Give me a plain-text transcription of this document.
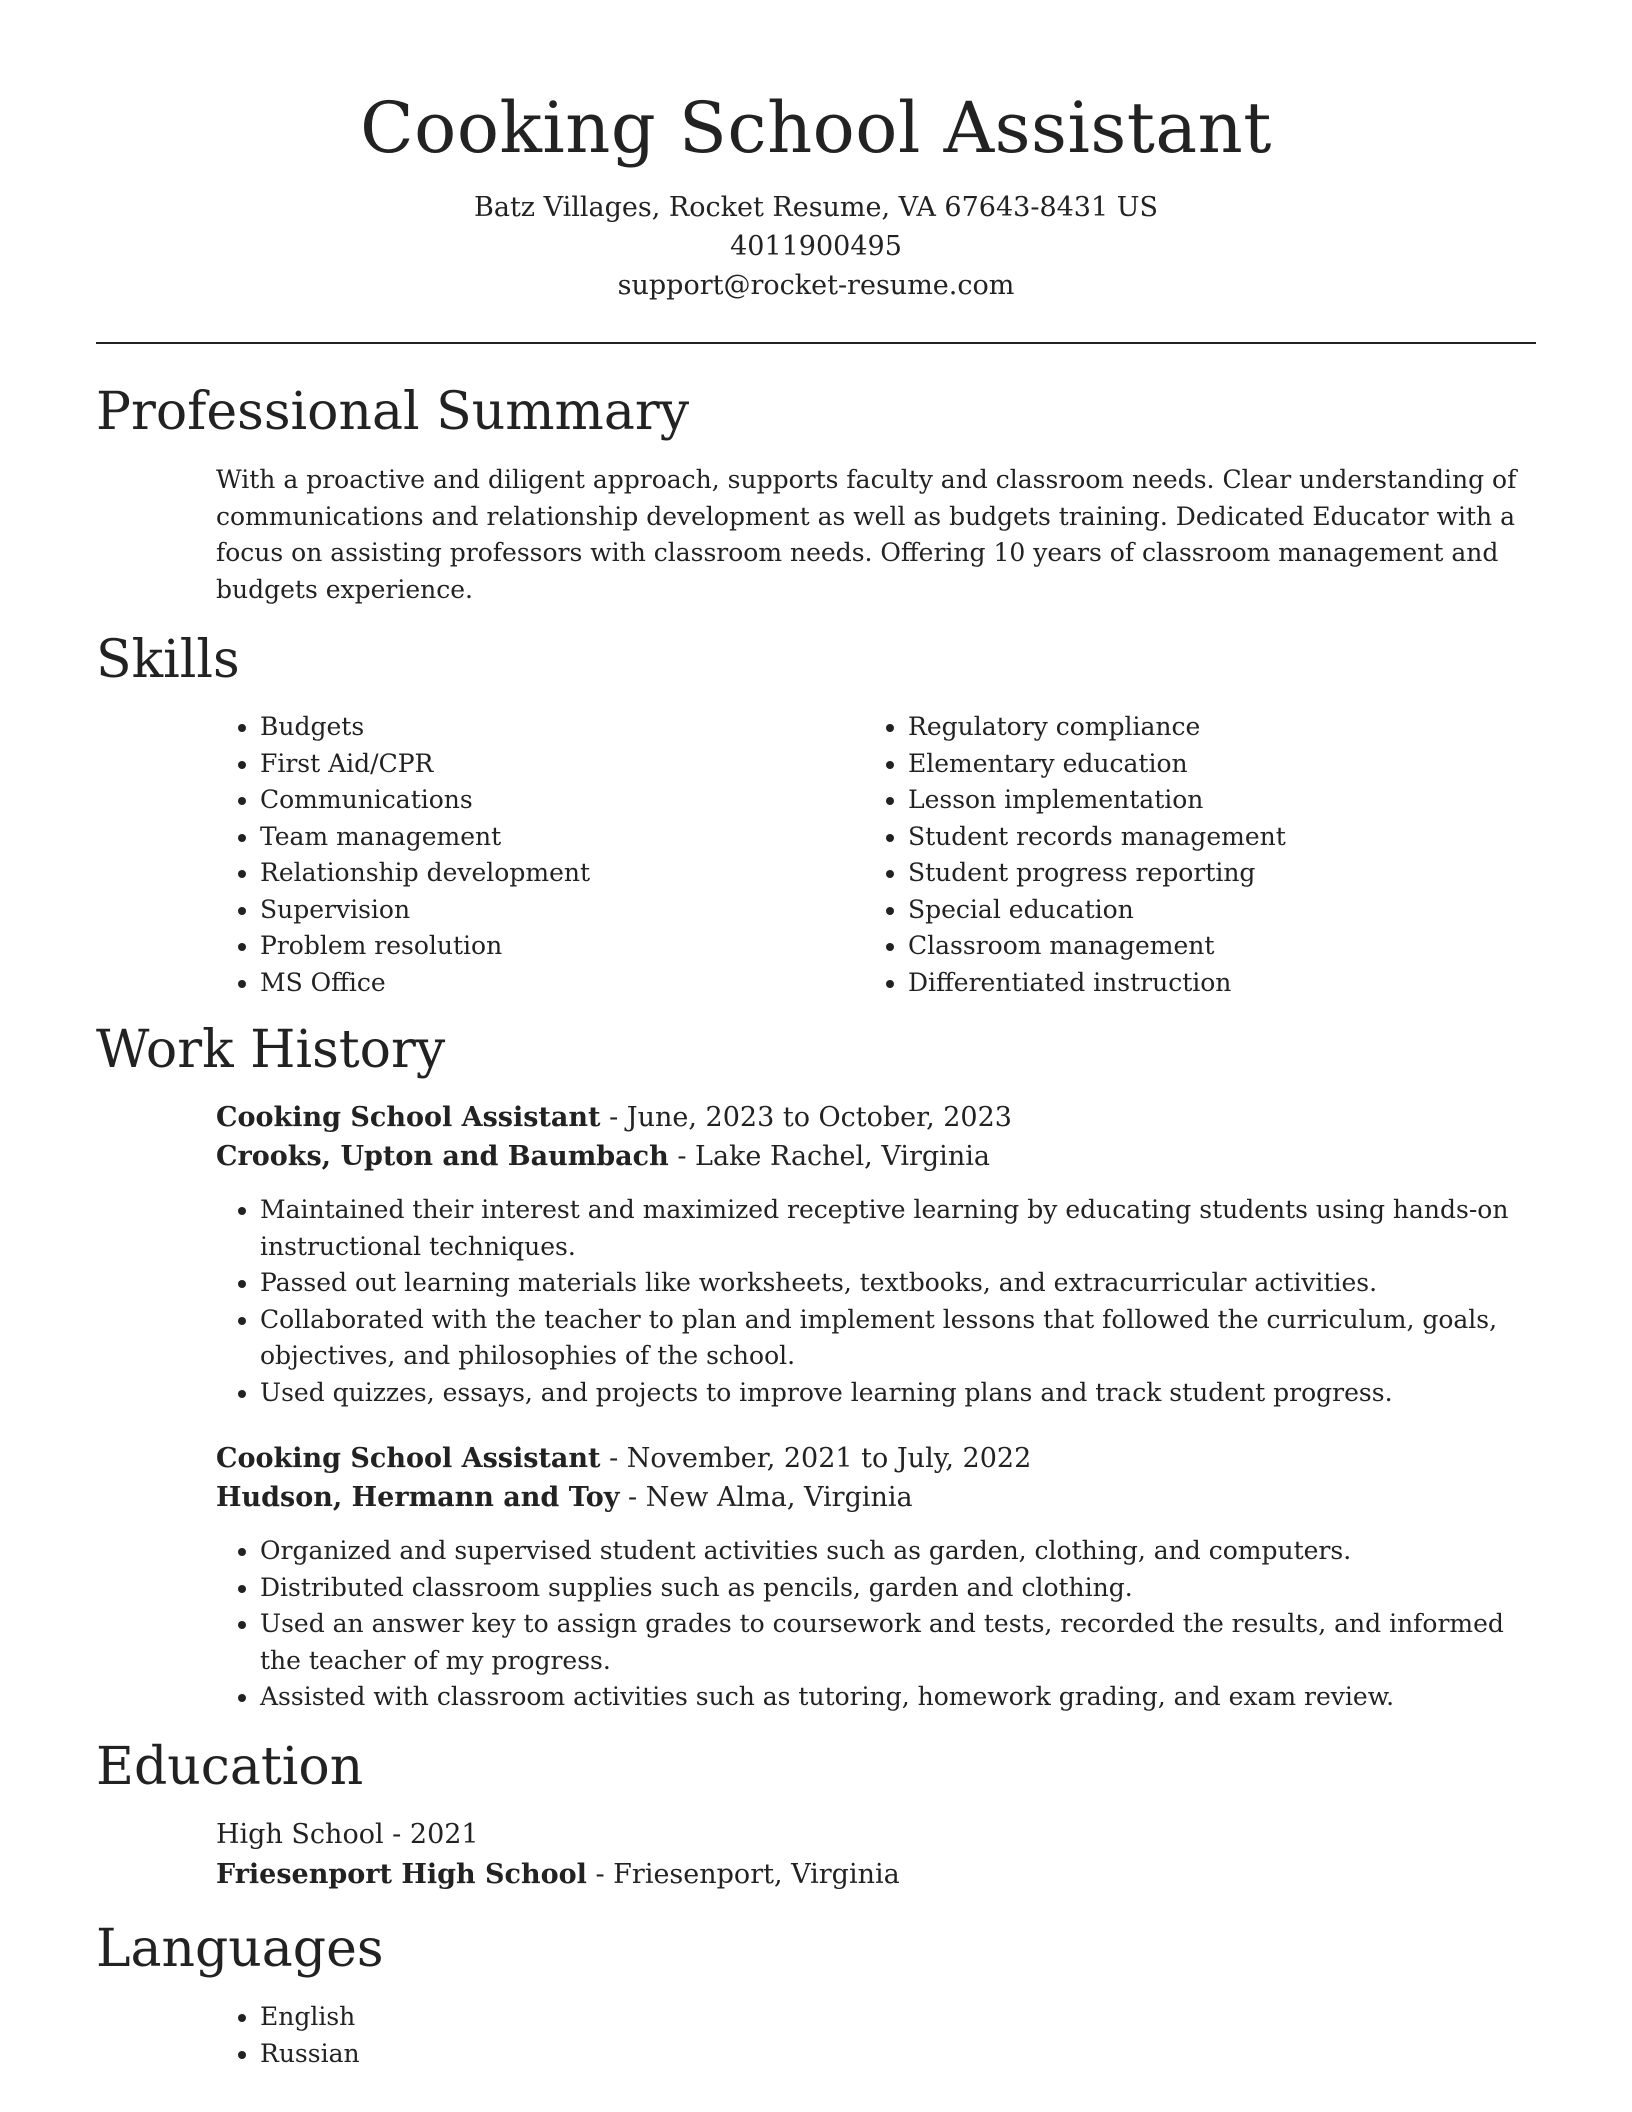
Cooking School Assistant

Batz Villages, Rocket Resume, VA 67643-8431 US

4011900495

support@rocket-resume.com

Professional Summary

With a proactive and diligent approach, supports faculty and classroom needs. Clear understanding of communications and relationship development as well as budgets training. Dedicated Educator with a focus on assisting professors with classroom needs. Offering 10 years of classroom management and budgets experience.

Skills
• Budgets
• First Aid/CPR
• Communications
• Team management
• Relationship development
• Supervision
• Problem resolution
• MS Office
• Regulatory compliance
• Elementary education
• Lesson implementation
• Student records management
• Student progress reporting
• Special education
• Classroom management
• Differentiated instruction
Work History

Cooking School Assistant - June, 2023 to October, 2023

Crooks, Upton and Baumbach - Lake Rachel, Virginia

• Maintained their interest and maximized receptive learning by educating students using hands-on instructional techniques.
• Passed out learning materials like worksheets, textbooks, and extracurricular activities.
• Collaborated with the teacher to plan and implement lessons that followed the curriculum, goals, objectives, and philosophies of the school.
• Used quizzes, essays, and projects to improve learning plans and track student progress.

Cooking School Assistant - November, 2021 to July, 2022

Hudson, Hermann and Toy - New Alma, Virginia

• Organized and supervised student activities such as garden, clothing, and computers.
• Distributed classroom supplies such as pencils, garden and clothing.
• Used an answer key to assign grades to coursework and tests, recorded the results, and informed the teacher of my progress.
• Assisted with classroom activities such as tutoring, homework grading, and exam review.
Education

High School - 2021

Friesenport High School - Friesenport, Virginia

Languages
• English
• Russian
